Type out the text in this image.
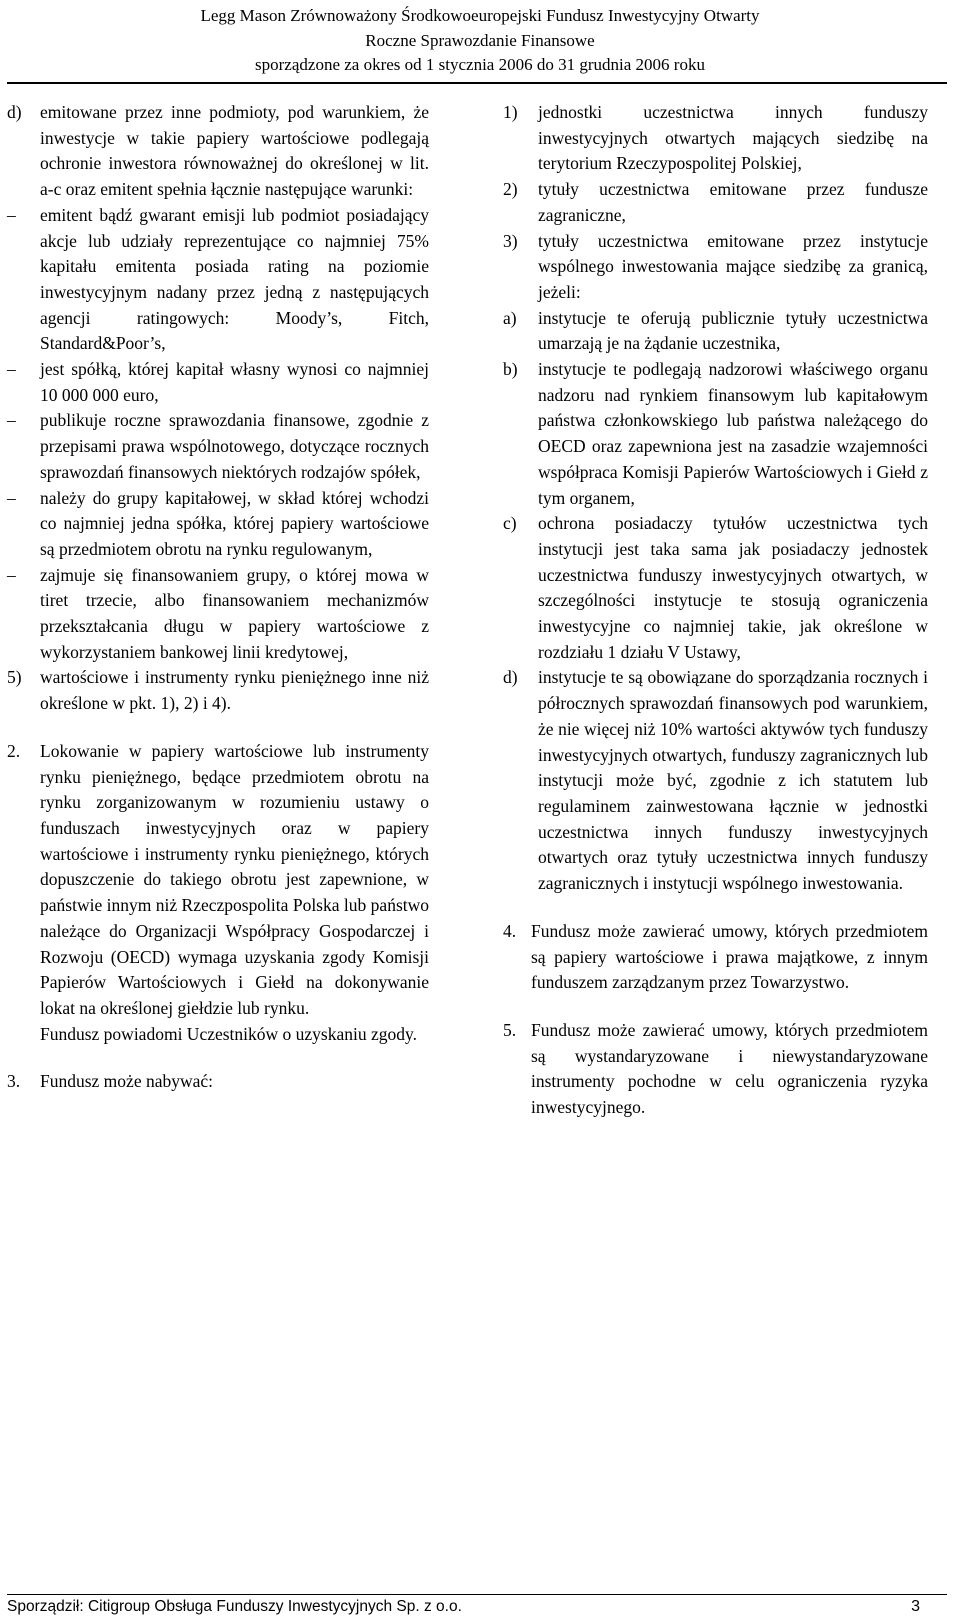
Legg Mason Zrównoważony Środkowoeuropejski Fundusz Inwestycyjny Otwarty
Roczne Sprawozdanie Finansowe
sporządzone za okres od 1 stycznia 2006 do 31 grudnia 2006 roku
d) emitowane przez inne podmioty, pod warunkiem, że inwestycje w takie papiery wartościowe podlegają ochronie inwestora równoważnej do określonej w lit. a-c oraz emitent spełnia łącznie następujące warunki:
– emitent bądź gwarant emisji lub podmiot posiadający akcje lub udziały reprezentujące co najmniej 75% kapitału emitenta posiada rating na poziomie inwestycyjnym nadany przez jedną z następujących agencji ratingowych: Moody’s, Fitch, Standard&Poor’s,
– jest spółką, której kapitał własny wynosi co najmniej 10 000 000 euro,
– publikuje roczne sprawozdania finansowe, zgodnie z przepisami prawa wspólnotowego, dotyczące rocznych sprawozdań finansowych niektórych rodzajów spółek,
– należy do grupy kapitałowej, w skład której wchodzi co najmniej jedna spółka, której papiery wartościowe są przedmiotem obrotu na rynku regulowanym,
– zajmuje się finansowaniem grupy, o której mowa w tiret trzecie, albo finansowaniem mechanizmów przekształcania długu w papiery wartościowe z wykorzystaniem bankowej linii kredytowej,
5) wartościowe i instrumenty rynku pieniężnego inne niż określone w pkt. 1), 2) i 4).
2. Lokowanie w papiery wartościowe lub instrumenty rynku pieniężnego, będące przedmiotem obrotu na rynku zorganizowanym w rozumieniu ustawy o funduszach inwestycyjnych oraz w papiery wartościowe i instrumenty rynku pieniężnego, których dopuszczenie do takiego obrotu jest zapewnione, w państwie innym niż Rzeczpospolita Polska lub państwo należące do Organizacji Współpracy Gospodarczej i Rozwoju (OECD) wymaga uzyskania zgody Komisji Papierów Wartościowych i Giełd na dokonywanie lokat na określonej giełdzie lub rynku.
Fundusz powiadomi Uczestników o uzyskaniu zgody.
3. Fundusz może nabywać:
1) jednostki uczestnictwa innych funduszy inwestycyjnych otwartych mających siedzibę na terytorium Rzeczypospolitej Polskiej,
2) tytuły uczestnictwa emitowane przez fundusze zagraniczne,
3) tytuły uczestnictwa emitowane przez instytucje wspólnego inwestowania mające siedzibę za granicą, jeżeli:
a) instytucje te oferują publicznie tytuły uczestnictwa umarzają je na żądanie uczestnika,
b) instytucje te podlegają nadzorowi właściwego organu nadzoru nad rynkiem finansowym lub kapitałowym państwa członkowskiego lub państwa należącego do OECD oraz zapewniona jest na zasadzie wzajemności współpraca Komisji Papierów Wartościowych i Giełd z tym organem,
c) ochrona posiadaczy tytułów uczestnictwa tych instytucji jest taka sama jak posiadaczy jednostek uczestnictwa funduszy inwestycyjnych otwartych, w szczególności instytucje te stosują ograniczenia inwestycyjne co najmniej takie, jak określone w rozdziału 1 działu V Ustawy,
d) instytucje te są obowiązane do sporządzania rocznych i półrocznych sprawozdań finansowych pod warunkiem, że nie więcej niż 10% wartości aktywów tych funduszy inwestycyjnych otwartych, funduszy zagranicznych lub instytucji może być, zgodnie z ich statutem lub regulaminem zainwestowana łącznie w jednostki uczestnictwa innych funduszy inwestycyjnych otwartych oraz tytuły uczestnictwa innych funduszy zagranicznych i instytucji wspólnego inwestowania.
4. Fundusz może zawierać umowy, których przedmiotem są papiery wartościowe i prawa majątkowe, z innym funduszem zarządzanym przez Towarzystwo.
5. Fundusz może zawierać umowy, których przedmiotem są wystandaryzowane i niewystandaryzowane instrumenty pochodne w celu ograniczenia ryzyka inwestycyjnego.
Sporządził: Citigroup Obsługa Funduszy Inwestycyjnych Sp. z o.o.	3
